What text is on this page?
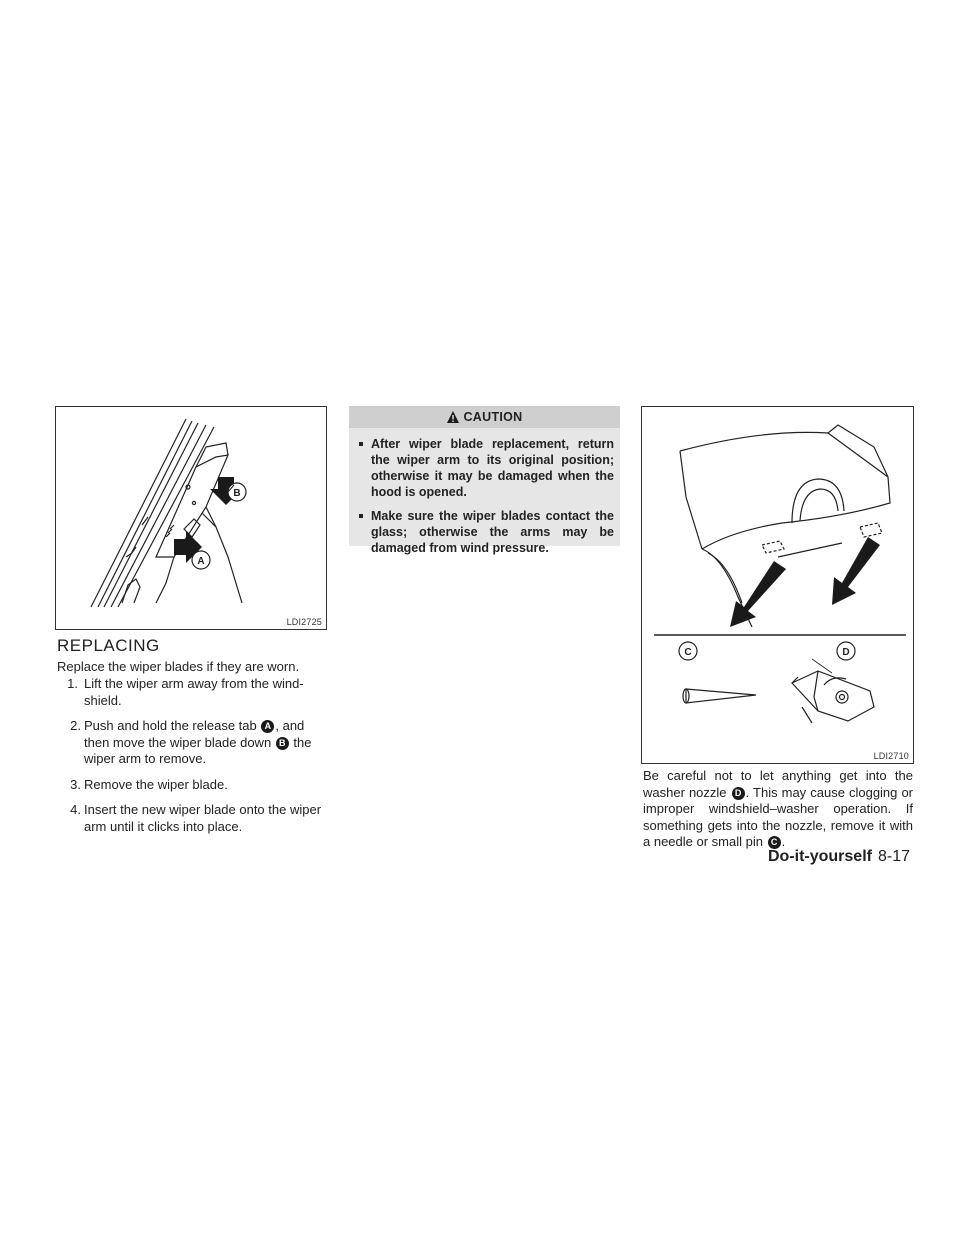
B
A
LDI2725
REPLACING
Replace the wiper blades if they are worn.
1. Lift the wiper arm away from the wind-shield.
2. Push and hold the release tab A , and then move the wiper blade down B the wiper arm to remove.
3. Remove the wiper blade.
4. Insert the new wiper blade onto the wiper arm until it clicks into place.
CAUTION
After wiper blade replacement, return the wiper arm to its original position; otherwise it may be damaged when the hood is opened.
Make sure the wiper blades contact the glass; otherwise the arms may be damaged from wind pressure.
C	D
LDI2710
Be careful not to let anything get into the washer nozzle D . This may cause clogging or improper windshield–washer operation. If something gets into the nozzle, remove it with a needle or small pin C .
Do-it-yourself 8-17
